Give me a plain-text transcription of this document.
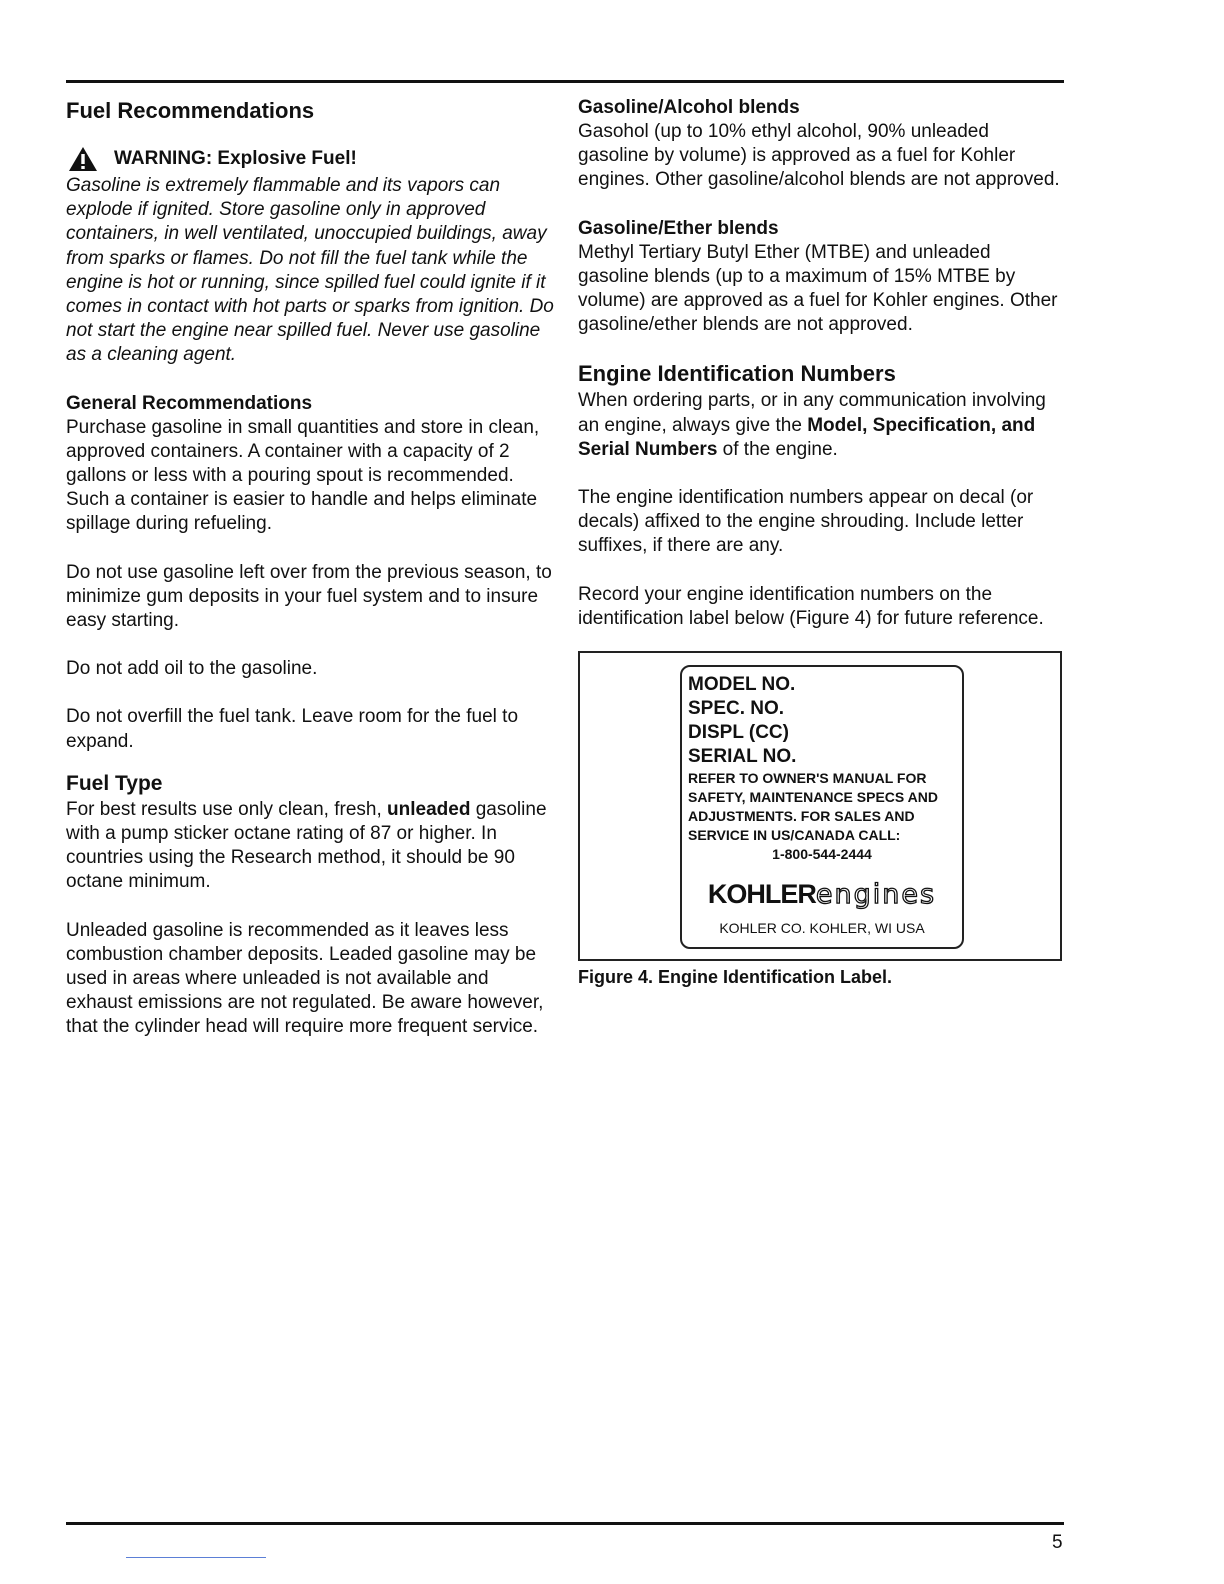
Fuel Recommendations
WARNING: Explosive Fuel!

Gasoline is extremely flammable and its vapors can explode if ignited. Store gasoline only in approved containers, in well ventilated, unoccupied buildings, away from sparks or flames. Do not fill the fuel tank while the engine is hot or running, since spilled fuel could ignite if it comes in contact with hot parts or sparks from ignition. Do not start the engine near spilled fuel. Never use gasoline as a cleaning agent.

General Recommendations

Purchase gasoline in small quantities and store in clean, approved containers. A container with a capacity of 2 gallons or less with a pouring spout is recommended. Such a container is easier to handle and helps eliminate spillage during refueling.

Do not use gasoline left over from the previous season, to minimize gum deposits in your fuel system and to insure easy starting.

Do not add oil to the gasoline.

Do not overfill the fuel tank. Leave room for the fuel to expand.

Fuel Type

For best results use only clean, fresh, unleaded gasoline with a pump sticker octane rating of 87 or higher. In countries using the Research method, it should be 90 octane minimum.

Unleaded gasoline is recommended as it leaves less combustion chamber deposits. Leaded gasoline may be used in areas where unleaded is not available and exhaust emissions are not regulated. Be aware however, that the cylinder head will require more frequent service.

Gasoline/Alcohol blends

Gasohol (up to 10% ethyl alcohol, 90% unleaded gasoline by volume) is approved as a fuel for Kohler engines. Other gasoline/alcohol blends are not approved.

Gasoline/Ether blends

Methyl Tertiary Butyl Ether (MTBE) and unleaded gasoline blends (up to a maximum of 15% MTBE by volume) are approved as a fuel for Kohler engines. Other gasoline/ether blends are not approved.

Engine Identification Numbers

When ordering parts, or in any communication involving an engine, always give the Model, Specification, and Serial Numbers of the engine.

The engine identification numbers appear on decal (or decals) affixed to the engine shrouding. Include letter suffixes, if there are any.

Record your engine identification numbers on the identification label below (Figure 4) for future reference.

MODEL NO.
SPEC. NO.
DISPL (CC)
SERIAL NO.
REFER TO OWNER'S MANUAL FOR SAFETY, MAINTENANCE SPECS AND ADJUSTMENTS. FOR SALES AND SERVICE IN US/CANADA CALL:
1-800-544-2444
KOHLERengines
KOHLER CO. KOHLER, WI USA
Figure 4. Engine Identification Label.
5
